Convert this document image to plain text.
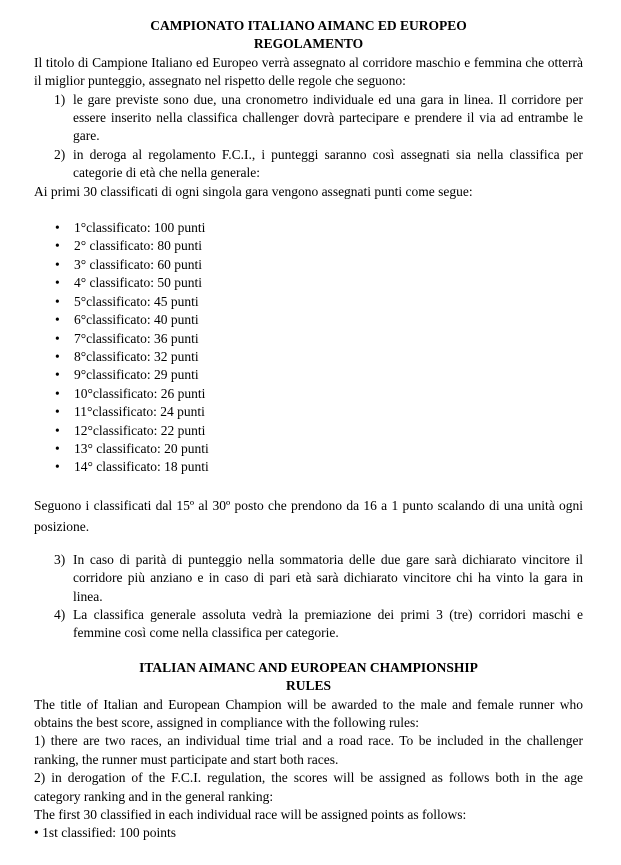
CAMPIONATO ITALIANO AIMANC ED EUROPEO
REGOLAMENTO

Il titolo di Campione Italiano ed Europeo verrà assegnato al corridore maschio e femmina che otterrà il miglior punteggio, assegnato nel rispetto delle regole che seguono:

1) le gare previste sono due, una cronometro individuale ed una gara in linea. Il corridore per essere inserito nella classifica challenger dovrà partecipare e prendere il via ad entrambe le gare.
2) in deroga al regolamento F.C.I., i punteggi saranno così assegnati sia nella classifica per categorie di età che nella generale:

Ai primi 30 classificati di ogni singola gara vengono assegnati punti come segue:

• 1°classificato: 100 punti
• 2° classificato: 80 punti
• 3° classificato: 60 punti
• 4° classificato: 50 punti
• 5°classificato: 45 punti
• 6°classificato: 40 punti
• 7°classificato: 36 punti
• 8°classificato: 32 punti
• 9°classificato: 29 punti
• 10°classificato: 26 punti
• 11°classificato: 24 punti
• 12°classificato: 22 punti
• 13° classificato: 20 punti
• 14° classificato: 18 punti

Seguono i classificati dal 15º al 30º posto che prendono da 16 a 1 punto scalando di una unità ogni posizione.

3) In caso di parità di punteggio nella sommatoria delle due gare sarà dichiarato vincitore il corridore più anziano e in caso di pari età sarà dichiarato vincitore chi ha vinto la gara in linea.
4) La classifica generale assoluta vedrà la premiazione dei primi 3 (tre) corridori maschi e femmine così come nella classifica per categorie.
ITALIAN AIMANC AND EUROPEAN CHAMPIONSHIP
RULES

The title of Italian and European Champion will be awarded to the male and female runner who obtains the best score, assigned in compliance with the following rules:

1) there are two races, an individual time trial and a road race. To be included in the challenger ranking, the runner must participate and start both races.

2) in derogation of the F.C.I. regulation, the scores will be assigned as follows both in the age category ranking and in the general ranking:

The first 30 classified in each individual race will be assigned points as follows:

• 1st classified: 100 points
